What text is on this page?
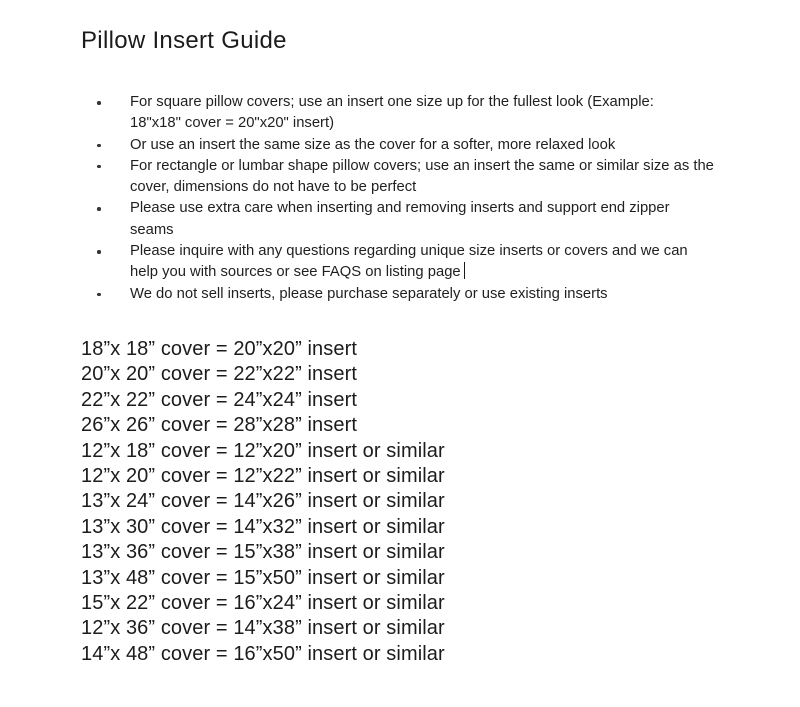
Pillow Insert Guide
For square pillow covers; use an insert one size up for the fullest look (Example:
18"x18" cover = 20"x20" insert)
Or use an insert the same size as the cover for a softer, more relaxed look
For rectangle or lumbar shape pillow covers; use an insert the same or similar size as the
cover, dimensions do not have to be perfect
Please use extra care when inserting and removing inserts and support end zipper
seams
Please inquire with any questions regarding unique size inserts or covers and we can
help you with sources or see FAQS on listing page
We do not sell inserts, please purchase separately or use existing inserts
18”x 18” cover = 20”x20” insert
20”x 20” cover = 22”x22” insert
22”x 22” cover = 24”x24” insert
26”x 26” cover = 28”x28” insert
12”x 18” cover = 12”x20” insert or similar
12”x 20” cover = 12”x22” insert or similar
13”x 24” cover = 14”x26” insert or similar
13”x 30” cover = 14”x32” insert or similar
13”x 36” cover = 15”x38” insert or similar
13”x 48” cover = 15”x50” insert or similar
15”x 22” cover = 16”x24” insert or similar
12”x 36” cover = 14”x38” insert or similar
14”x 48” cover = 16”x50” insert or similar
